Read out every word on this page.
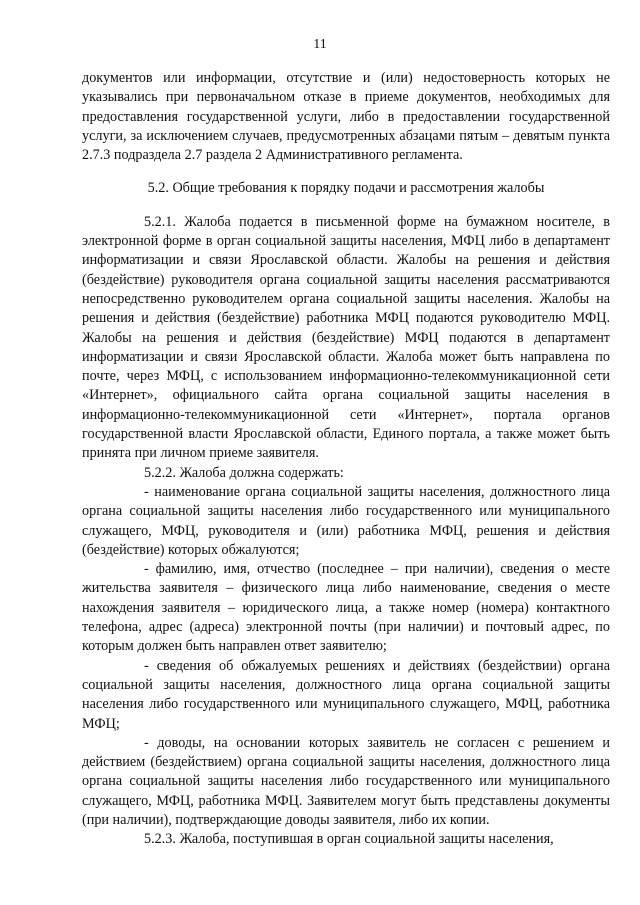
11

документов или информации, отсутствие и (или) недостоверность которых не указывались при первоначальном отказе в приеме документов, необходимых для предоставления государственной услуги, либо в предоставлении государственной услуги, за исключением случаев, предусмотренных абзацами пятым – девятым пункта 2.7.3 подраздела 2.7 раздела 2 Административного регламента.

5.2. Общие требования к порядку подачи и рассмотрения жалобы

5.2.1. Жалоба подается в письменной форме на бумажном носителе, в электронной форме в орган социальной защиты населения, МФЦ либо в департамент информатизации и связи Ярославской области. Жалобы на решения и действия (бездействие) руководителя органа социальной защиты населения рассматриваются непосредственно руководителем органа социальной защиты населения. Жалобы на решения и действия (бездействие) работника МФЦ подаются руководителю МФЦ. Жалобы на решения и действия (бездействие) МФЦ подаются в департамент информатизации и связи Ярославской области. Жалоба может быть направлена по почте, через МФЦ, с использованием информационно-телекоммуникационной сети «Интернет», официального сайта органа социальной защиты населения в информационно-телекоммуникационной сети «Интернет», портала органов государственной власти Ярославской области, Единого портала, а также может быть принята при личном приеме заявителя.

5.2.2. Жалоба должна содержать:

- наименование органа социальной защиты населения, должностного лица органа социальной защиты населения либо государственного или муниципального служащего, МФЦ, руководителя и (или) работника МФЦ, решения и действия (бездействие) которых обжалуются;

- фамилию, имя, отчество (последнее – при наличии), сведения о месте жительства заявителя – физического лица либо наименование, сведения о месте нахождения заявителя – юридического лица, а также номер (номера) контактного телефона, адрес (адреса) электронной почты (при наличии) и почтовый адрес, по которым должен быть направлен ответ заявителю;

- сведения об обжалуемых решениях и действиях (бездействии) органа социальной защиты населения, должностного лица органа социальной защиты населения либо государственного или муниципального служащего, МФЦ, работника МФЦ;

- доводы, на основании которых заявитель не согласен с решением и действием (бездействием) органа социальной защиты населения, должностного лица органа социальной защиты населения либо государственного или муниципального служащего, МФЦ, работника МФЦ. Заявителем могут быть представлены документы (при наличии), подтверждающие доводы заявителя, либо их копии.

5.2.3. Жалоба, поступившая в орган социальной защиты населения,
